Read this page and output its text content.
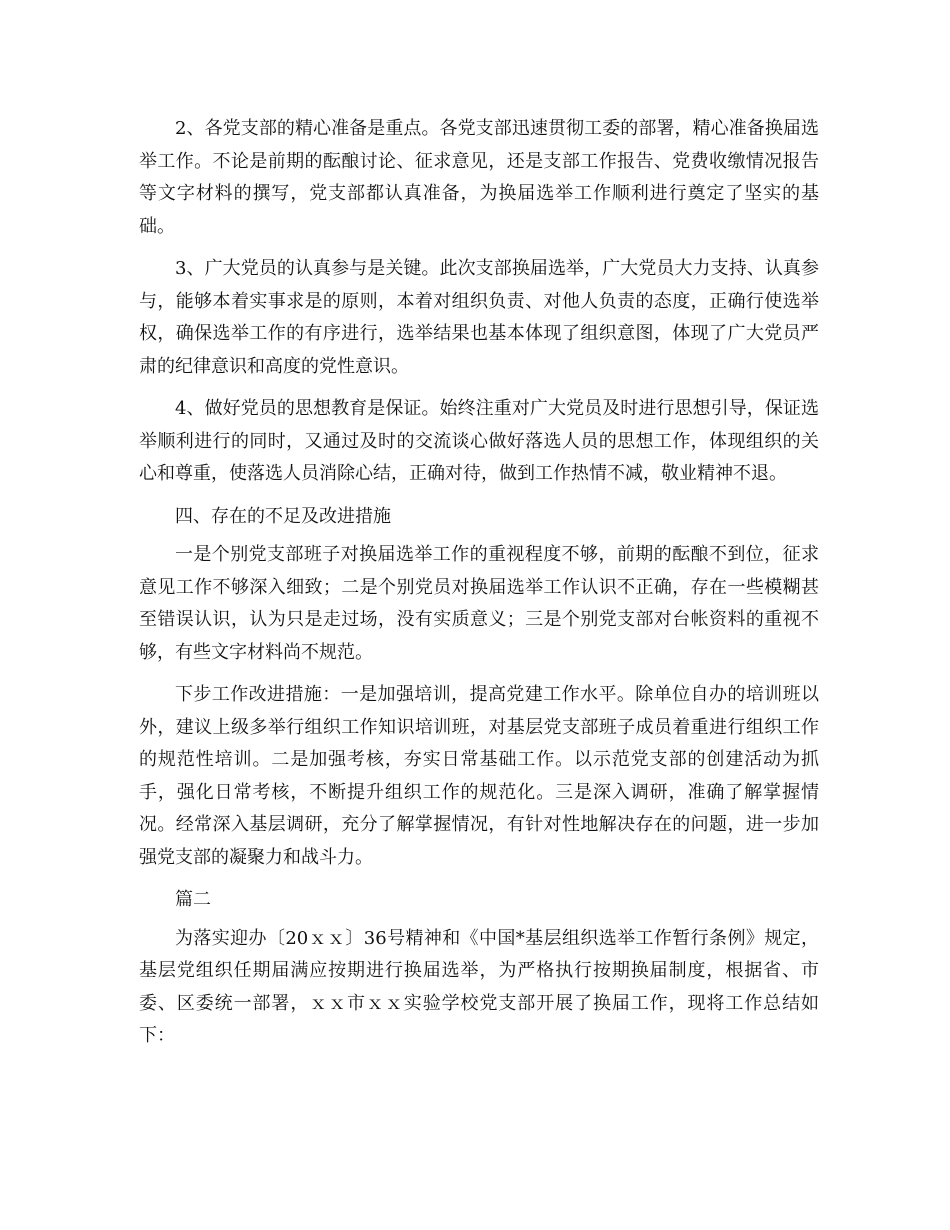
2、各党支部的精心准备是重点。各党支部迅速贯彻工委的部署，精心准备换届选举工作。不论是前期的酝酿讨论、征求意见，还是支部工作报告、党费收缴情况报告等文字材料的撰写，党支部都认真准备，为换届选举工作顺利进行奠定了坚实的基础。

3、广大党员的认真参与是关键。此次支部换届选举，广大党员大力支持、认真参与，能够本着实事求是的原则，本着对组织负责、对他人负责的态度，正确行使选举权，确保选举工作的有序进行，选举结果也基本体现了组织意图，体现了广大党员严肃的纪律意识和高度的党性意识。

4、做好党员的思想教育是保证。始终注重对广大党员及时进行思想引导，保证选举顺利进行的同时，又通过及时的交流谈心做好落选人员的思想工作，体现组织的关心和尊重，使落选人员消除心结，正确对待，做到工作热情不减，敬业精神不退。

四、存在的不足及改进措施

一是个别党支部班子对换届选举工作的重视程度不够，前期的酝酿不到位，征求意见工作不够深入细致；二是个别党员对换届选举工作认识不正确，存在一些模糊甚至错误认识，认为只是走过场，没有实质意义；三是个别党支部对台帐资料的重视不够，有些文字材料尚不规范。

下步工作改进措施：一是加强培训，提高党建工作水平。除单位自办的培训班以外，建议上级多举行组织工作知识培训班，对基层党支部班子成员着重进行组织工作的规范性培训。二是加强考核，夯实日常基础工作。以示范党支部的创建活动为抓手，强化日常考核，不断提升组织工作的规范化。三是深入调研，准确了解掌握情况。经常深入基层调研，充分了解掌握情况，有针对性地解决存在的问题，进一步加强党支部的凝聚力和战斗力。

篇二

为落实迎办〔20ｘｘ〕36号精神和《中国*基层组织选举工作暂行条例》规定，基层党组织任期届满应按期进行换届选举，为严格执行按期换届制度，根据省、市委、区委统一部署，ｘｘ市ｘｘ实验学校党支部开展了换届工作，现将工作总结如下：
